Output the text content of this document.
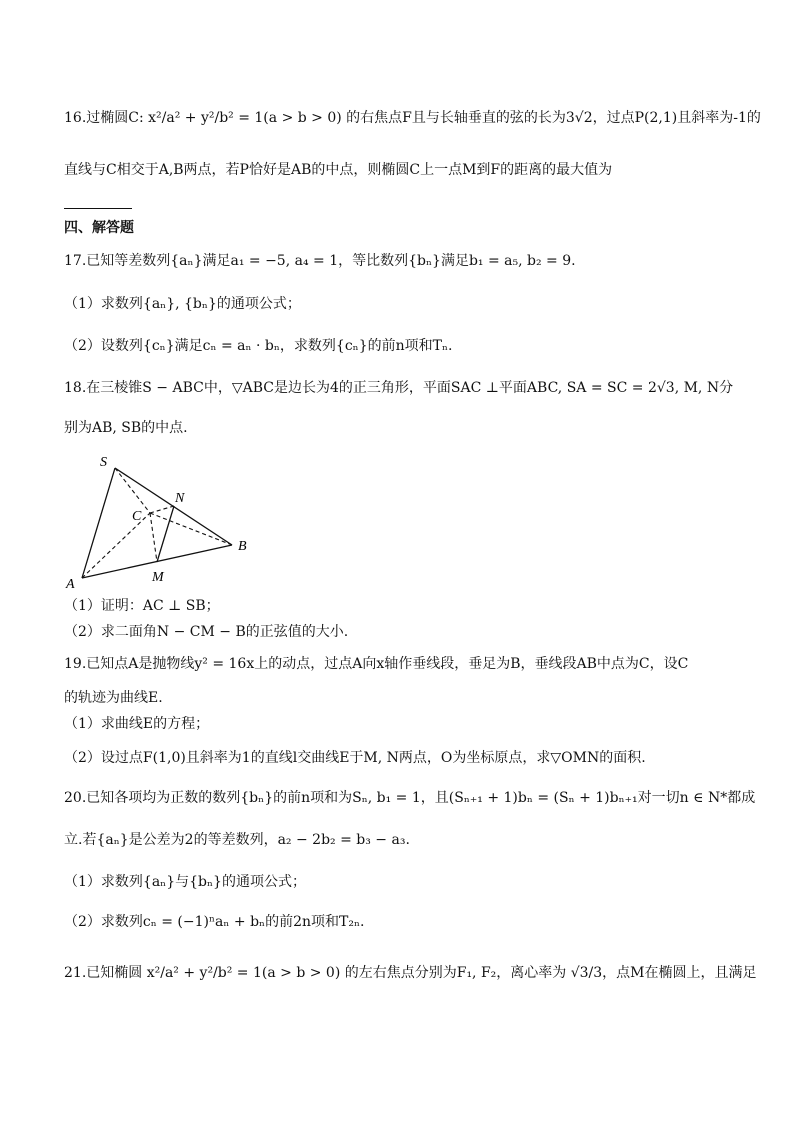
16.过椭圆C: x²/a² + y²/b² = 1(a > b > 0) 的右焦点F且与长轴垂直的弦的长为3√2，过点P(2,1)且斜率为-1的
直线与C相交于A,B两点，若P恰好是AB的中点，则椭圆C上一点M到F的距离的最大值为
四、解答题
17.已知等差数列{aₙ}满足a₁ = −5, a₄ = 1，等比数列{bₙ}满足b₁ = a₅, b₂ = 9.
（1）求数列{aₙ}, {bₙ}的通项公式；
（2）设数列{cₙ}满足cₙ = aₙ · bₙ，求数列{cₙ}的前n项和Tₙ.
18.在三棱锥S − ABC中，▽ABC是边长为4的正三角形，平面SAC ⊥平面ABC, SA = SC = 2√3, M, N分
别为AB, SB的中点.
S
N
C
B
A	M
（1）证明：AC ⊥ SB；
（2）求二面角N − CM − B的正弦值的大小.
19.已知点A是抛物线y² = 16x上的动点，过点A向x轴作垂线段，垂足为B，垂线段AB中点为C，设C
的轨迹为曲线E.
（1）求曲线E的方程；
（2）设过点F(1,0)且斜率为1的直线l交曲线E于M, N两点，O为坐标原点，求▽OMN的面积.
20.已知各项均为正数的数列{bₙ}的前n项和为Sₙ, b₁ = 1，且(Sₙ₊₁ + 1)bₙ = (Sₙ + 1)bₙ₊₁对一切n ∈ N*都成
立.若{aₙ}是公差为2的等差数列，a₂ − 2b₂ = b₃ − a₃.
（1）求数列{aₙ}与{bₙ}的通项公式；
（2）求数列cₙ = (−1)ⁿaₙ + bₙ的前2n项和T₂ₙ.
21.已知椭圆 x²/a² + y²/b² = 1(a > b > 0) 的左右焦点分别为F₁, F₂，离心率为 √3/3，点M在椭圆上，且满足
